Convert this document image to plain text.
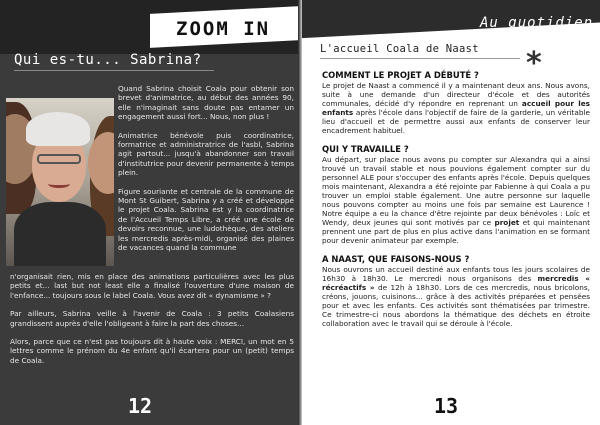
ZOOM IN
Qui es-tu... Sabrina?

Quand Sabrina choisit Coala pour obtenir son brevet d'animatrice, au début des années 90, elle n'imaginait sans doute pas entamer un engagement aussi fort... Nous, non plus !

Animatrice bénévole puis coordinatrice, formatrice et administratrice de l'asbl, Sabrina agit partout... jusqu'à abandonner son travail d'institutrice pour devenir permanente à temps plein.

Figure souriante et centrale de la commune de Mont St Guibert, Sabrina y a créé et développé le projet Coala. Sabrina est y la coordinatrice de l'Accueil Temps Libre, a créé une école de devoirs reconnue, une ludothèque, des ateliers les mercredis après-midi, organisé des plaines de vacances quand la commune

n'organisait rien, mis en place des animations particulières avec les plus petits et... last but not least elle a finalisé l'ouverture d'une maison de l'enfance... toujours sous le label Coala. Vous avez dit « dynamisme » ?

Par ailleurs, Sabrina veille à l'avenir de Coala : 3 petits Coalasiens grandissent auprès d'elle l'obligeant à faire la part des choses...

Alors, parce que ce n'est pas toujours dit à haute voix : MERCI, un mot en 5 lettres comme le prénom du 4e enfant qu'il écartera pour un (petit) temps de Coala.

12
Au quotidien
L'accueil Coala de Naast *
COMMENT LE PROJET A DÉBUTÉ ?

Le projet de Naast a commencé il y a maintenant deux ans. Nous avons, suite à une demande d'un directeur d'école et des autorités communales, décidé d'y répondre en reprenant un accueil pour les enfants après l'école dans l'objectif de faire de la garderie, un véritable lieu d'accueil et de permettre aussi aux enfants de conserver leur encadrement habituel.

QUI Y TRAVAILLE ?

Au départ, sur place nous avons pu compter sur Alexandra qui a ainsi trouvé un travail stable et nous pouvions également compter sur du personnel ALE pour s'occuper des enfants après l'école. Depuis quelques mois maintenant, Alexandra a été rejointe par Fabienne à qui Coala a pu trouver un emploi stable également. Une autre personne sur laquelle nous pouvons compter au moins une fois par semaine est Laurence ! Notre équipe a eu la chance d'être rejointe par deux bénévoles : Loïc et Wendy, deux jeunes qui sont motivés par ce projet et qui maintenant prennent une part de plus en plus active dans l'animation en se formant pour devenir animateur par exemple.

A NAAST, QUE FAISONS-NOUS ?

Nous ouvrons un accueil destiné aux enfants tous les jours scolaires de 16h30 à 18h30. Le mercredi nous organisons des mercredis « récréactifs » de 12h à 18h30. Lors de ces mercredis, nous bricolons, créons, jouons, cuisinons... grâce à des activités préparées et pensées pour et avec les enfants. Ces activités sont thématisées par trimestre. Ce trimestre-ci nous abordons la thématique des déchets en étroite collaboration avec le travail qui se déroule à l'école.

13
